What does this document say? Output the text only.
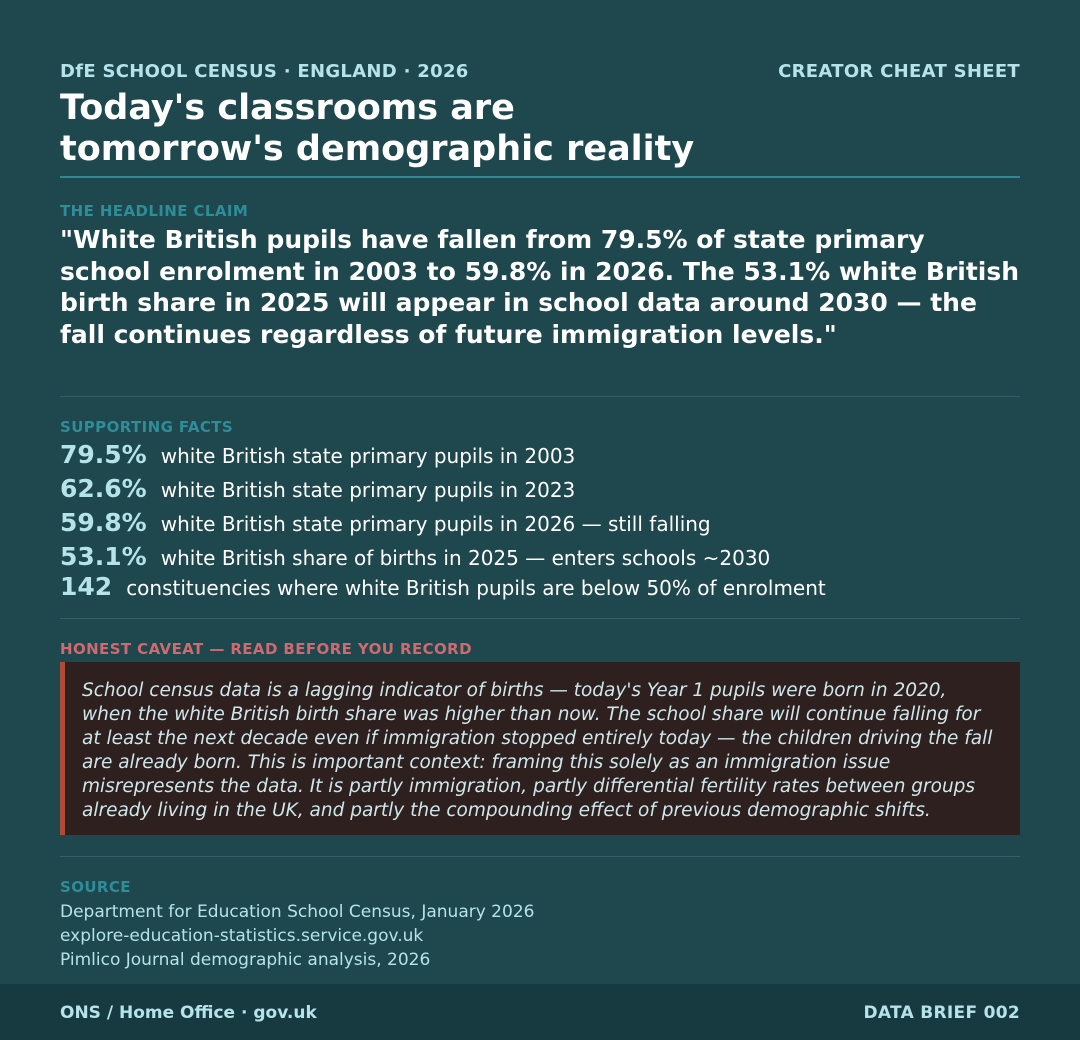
DfE SCHOOL CENSUS · ENGLAND · 2026	CREATOR CHEAT SHEET
Today's classrooms are
tomorrow's demographic reality
THE HEADLINE CLAIM

"White British pupils have fallen from 79.5% of state primary school enrolment in 2003 to 59.8% in 2026. The 53.1% white British birth share in 2025 will appear in school data around 2030 — the fall continues regardless of future immigration levels."

SUPPORTING FACTS
79.5% white British state primary pupils in 2003
62.6% white British state primary pupils in 2023
59.8% white British state primary pupils in 2026 — still falling
53.1% white British share of births in 2025 — enters schools ~2030
142 constituencies where white British pupils are below 50% of enrolment
HONEST CAVEAT — READ BEFORE YOU RECORD

School census data is a lagging indicator of births — today's Year 1 pupils were born in 2020, when the white British birth share was higher than now. The school share will continue falling for at least the next decade even if immigration stopped entirely today — the children driving the fall are already born. This is important context: framing this solely as an immigration issue misrepresents the data. It is partly immigration, partly differential fertility rates between groups already living in the UK, and partly the compounding effect of previous demographic shifts.

SOURCE
Department for Education School Census, January 2026
explore-education-statistics.service.gov.uk
Pimlico Journal demographic analysis, 2026
ONS / Home Office · gov.uk	DATA BRIEF 002
